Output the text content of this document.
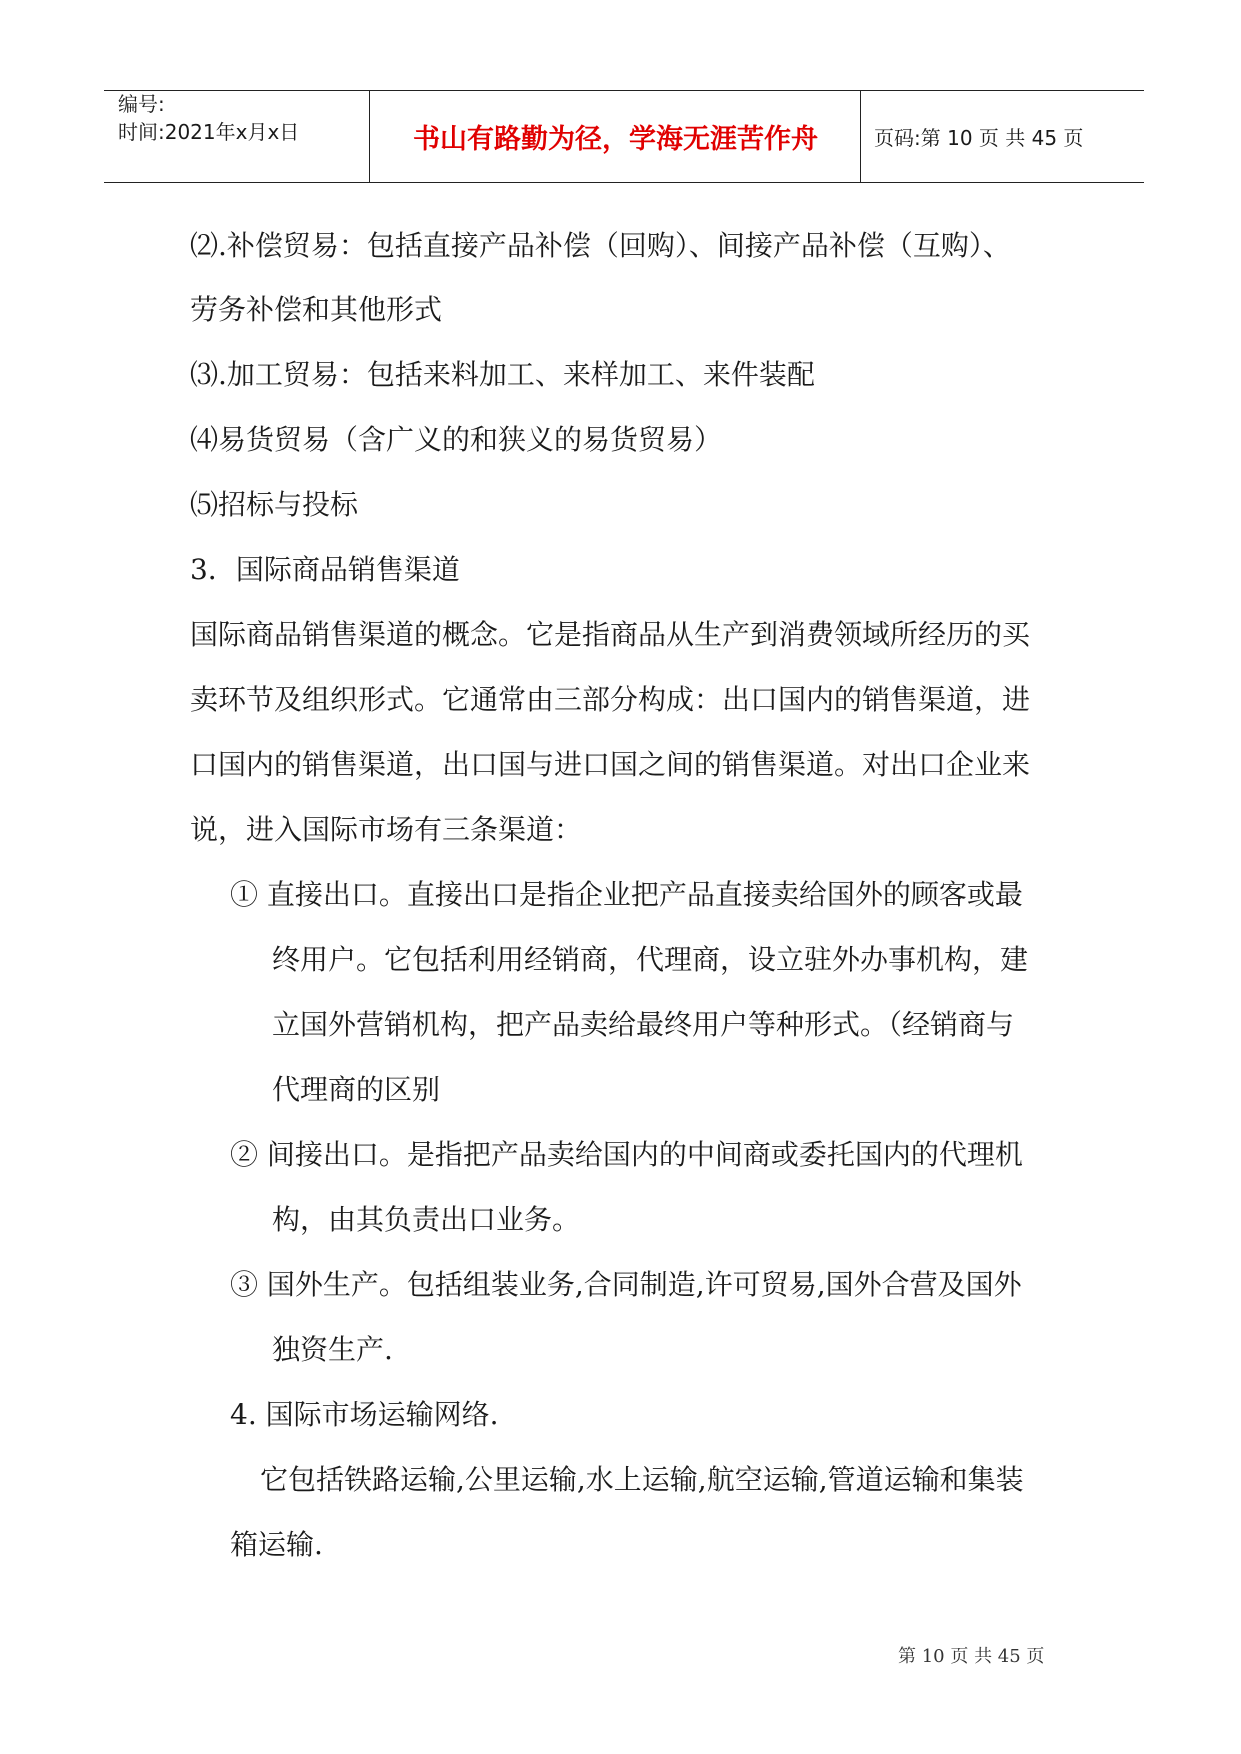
编号:
时间:2021年x月x日	书山有路勤为径，学海无涯苦作舟	页码:第 10 页 共 45 页
⑵.补偿贸易：包括直接产品补偿（回购）、间接产品补偿（互购）、
劳务补偿和其他形式
⑶.加工贸易：包括来料加工、来样加工、来件装配
⑷易货贸易（含广义的和狭义的易货贸易）
⑸招标与投标
3．国际商品销售渠道
国际商品销售渠道的概念。它是指商品从生产到消费领域所经历的买
卖环节及组织形式。它通常由三部分构成：出口国内的销售渠道，进
口国内的销售渠道，出口国与进口国之间的销售渠道。对出口企业来
说，进入国际市场有三条渠道：
① 直接出口。直接出口是指企业把产品直接卖给国外的顾客或最
终用户。它包括利用经销商，代理商，设立驻外办事机构，建
立国外营销机构，把产品卖给最终用户等种形式。（经销商与
代理商的区别
② 间接出口。是指把产品卖给国内的中间商或委托国内的代理机
构，由其负责出口业务。
③ 国外生产。包括组装业务,合同制造,许可贸易,国外合营及国外
独资生产.
4. 国际市场运输网络.
它包括铁路运输,公里运输,水上运输,航空运输,管道运输和集装
箱运输.
第 10 页 共 45 页
